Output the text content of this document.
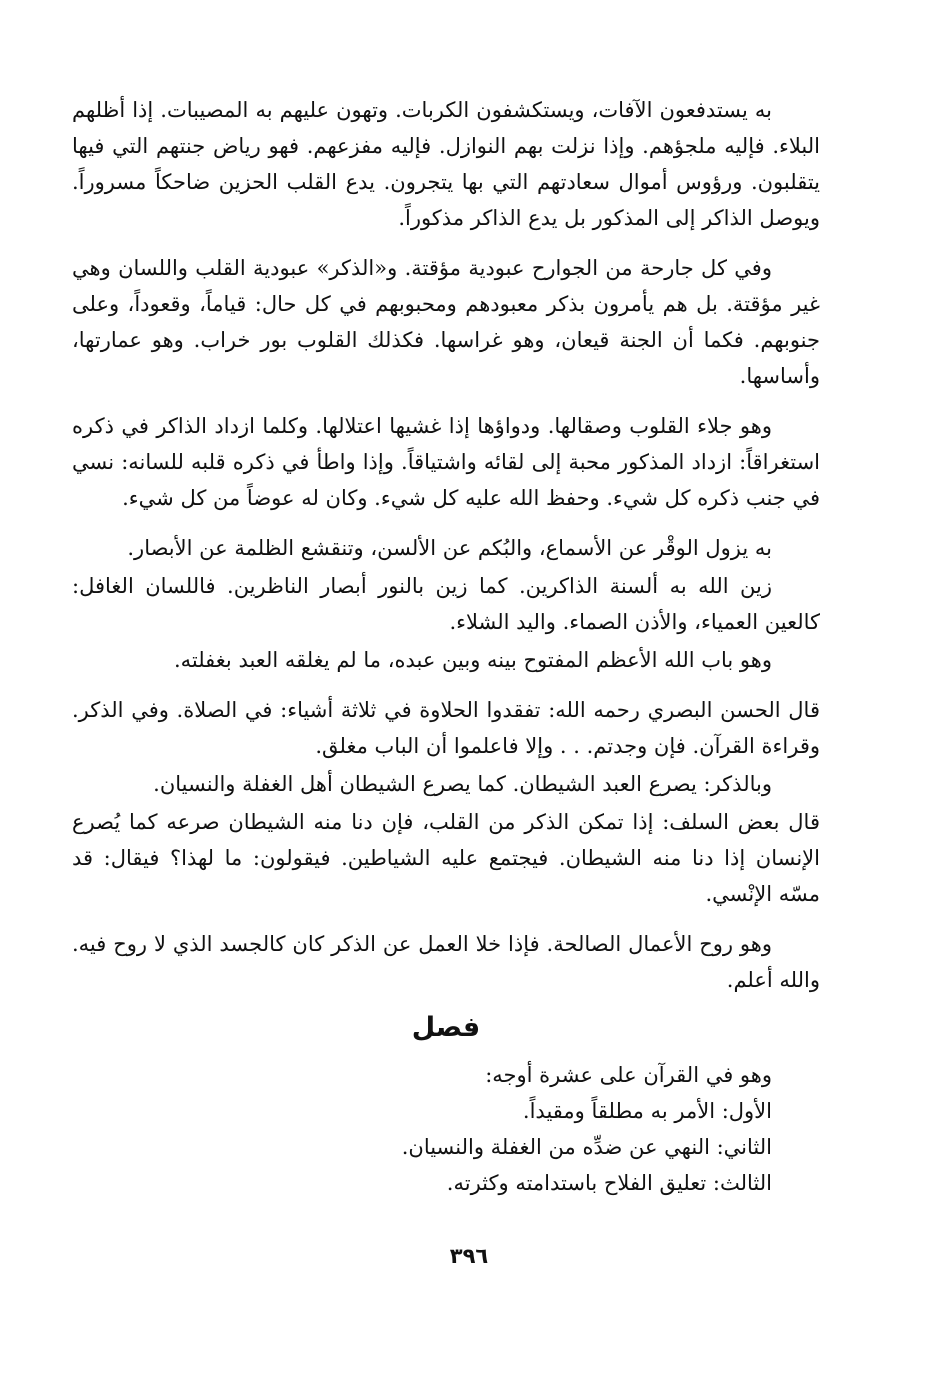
به يستدفعون الآفات، ويستكشفون الكربات. وتهون عليهم به المصيبات. إذا أظلهم البلاء. فإليه ملجؤهم. وإذا نزلت بهم النوازل. فإليه مفزعهم. فهو رياض جنتهم التي فيها يتقلبون. ورؤوس أموال سعادتهم التي بها يتجرون. يدع القلب الحزين ضاحكاً مسروراً. ويوصل الذاكر إلى المذكور بل يدع الذاكر مذكوراً.

وفي كل جارحة من الجوارح عبودية مؤقتة. و«الذكر» عبودية القلب واللسان وهي غير مؤقتة. بل هم يأمرون بذكر معبودهم ومحبوبهم في كل حال: قياماً، وقعوداً، وعلى جنوبهم. فكما أن الجنة قيعان، وهو غراسها. فكذلك القلوب بور خراب. وهو عمارتها، وأساسها.

وهو جلاء القلوب وصقالها. ودواؤها إذا غشيها اعتلالها. وكلما ازداد الذاكر في ذكره استغراقاً: ازداد المذكور محبة إلى لقائه واشتياقاً. وإذا واطأ في ذكره قلبه للسانه: نسي في جنب ذكره كل شيء. وحفظ الله عليه كل شيء. وكان له عوضاً من كل شيء.

به يزول الوقْر عن الأسماع، والبُكم عن الألسن، وتنقشع الظلمة عن الأبصار.

زين الله به ألسنة الذاكرين. كما زين بالنور أبصار الناظرين. فاللسان الغافل: كالعين العمياء، والأذن الصماء. واليد الشلاء.

وهو باب الله الأعظم المفتوح بينه وبين عبده، ما لم يغلقه العبد بغفلته.

قال الحسن البصري رحمه الله: تفقدوا الحلاوة في ثلاثة أشياء: في الصلاة. وفي الذكر. وقراءة القرآن. فإن وجدتم. . . وإلا فاعلموا أن الباب مغلق.

وبالذكر: يصرع العبد الشيطان. كما يصرع الشيطان أهل الغفلة والنسيان.

قال بعض السلف: إذا تمكن الذكر من القلب، فإن دنا منه الشيطان صرعه كما يُصرع الإنسان إذا دنا منه الشيطان. فيجتمع عليه الشياطين. فيقولون: ما لهذا؟ فيقال: قد مسّه الإنْسي.

وهو روح الأعمال الصالحة. فإذا خلا العمل عن الذكر كان كالجسد الذي لا روح فيه. والله أعلم.

فصل
وهو في القرآن على عشرة أوجه:
الأول: الأمر به مطلقاً ومقيداً.
الثاني: النهي عن ضدِّه من الغفلة والنسيان.
الثالث: تعليق الفلاح باستدامته وكثرته.
٣٩٦
